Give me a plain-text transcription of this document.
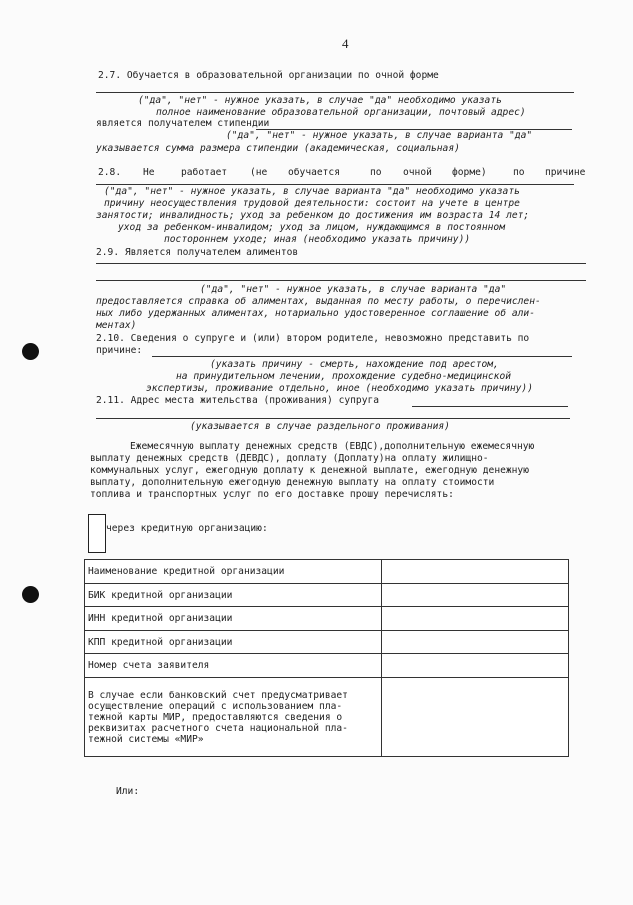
4
2.7. Обучается в образовательной организации по очной форме
("да", "нет" - нужное указать, в случае "да" необходимо указать
полное наименование образовательной организации, почтовый адрес)
является получателем стипендии
("да", "нет" - нужное указать, в случае варианта "да"
указывается сумма размера стипендии (академическая, социальная)
2.8. Не	работает (не обучается	по очной форме)	по причине
("да", "нет" - нужное указать, в случае варианта "да" необходимо указать
причину неосуществления трудовой деятельности: состоит на учете в центре
занятости; инвалидность; уход за ребенком до достижения им возраста 14 лет;
уход за ребенком-инвалидом; уход за лицом, нуждающимся в постоянном
постороннем уходе; иная (необходимо указать причину))
2.9. Является получателем алиментов
("да", "нет" - нужное указать, в случае варианта "да"
предоставляется справка об алиментах, выданная по месту работы, о перечислен-
ных либо удержанных алиментах, нотариально удостоверенное соглашение об али-
ментах)
2.10. Сведения о супруге и (или) втором родителе, невозможно представить по
причине:
(указать причину - смерть, нахождение под арестом,
на принудительном лечении, прохождение судебно-медицинской
экспертизы, проживание отдельно, иное (необходимо указать причину))
2.11. Адрес места жительства (проживания) супруга
(указывается в случае раздельного проживания)
Ежемесячную выплату денежных средств (ЕВДС),дополнительную ежемесячную
выплату денежных средств (ДЕВДС), доплату (Доплату)на оплату жилищно-
коммунальных услуг, ежегодную доплату к денежной выплате, ежегодную денежную
выплату, дополнительную ежегодную денежную выплату на оплату стоимости
топлива и транспортных услуг по его доставке прошу перечислять:
через кредитную организацию:
Наименование кредитной организации	
БИК кредитной организации	
ИНН кредитной организации	
КПП кредитной организации	
Номер счета заявителя	

В случае если банковский счет предусматривает
осуществление операций с использованием пла-
тежной карты МИР, предоставляются сведения о
реквизитах расчетного счета национальной пла-
тежной системы «МИР»	

Или:
